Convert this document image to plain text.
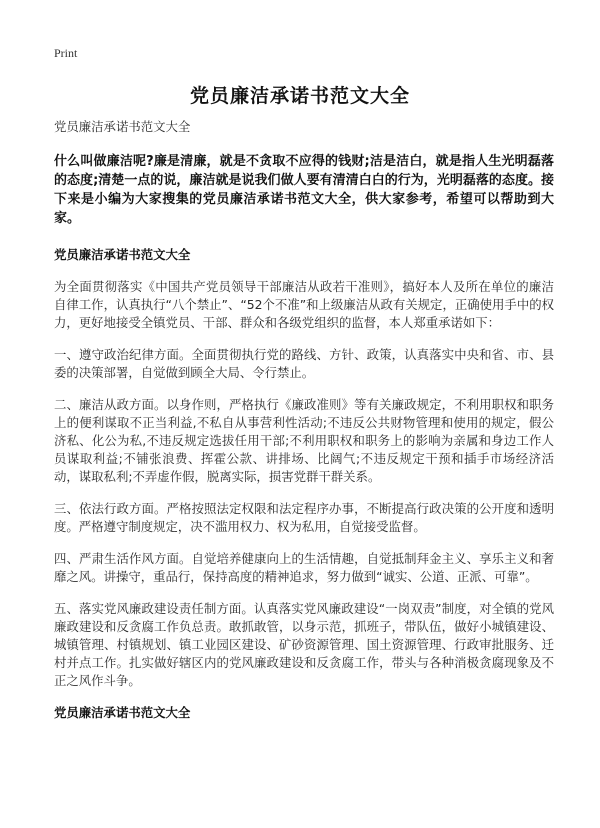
Print
党员廉洁承诺书范文大全

党员廉洁承诺书范文大全

什么叫做廉洁呢?廉是清廉，就是不贪取不应得的钱财;洁是洁白，就是指人生光明磊落的态度;清楚一点的说，廉洁就是说我们做人要有清清白白的行为，光明磊落的态度。接下来是小编为大家搜集的党员廉洁承诺书范文大全，供大家参考，希望可以帮助到大家。

党员廉洁承诺书范文大全

为全面贯彻落实《中国共产党员领导干部廉洁从政若干准则》，搞好本人及所在单位的廉洁自律工作，认真执行“八个禁止”、“52个不准”和上级廉洁从政有关规定，正确使用手中的权力，更好地接受全镇党员、干部、群众和各级党组织的监督，本人郑重承诺如下：

一、遵守政治纪律方面。全面贯彻执行党的路线、方针、政策，认真落实中央和省、市、县委的决策部署，自觉做到顾全大局、令行禁止。

二、廉洁从政方面。以身作则，严格执行《廉政准则》等有关廉政规定，不利用职权和职务上的便利谋取不正当利益,不私自从事营利性活动;不违反公共财物管理和使用的规定，假公济私、化公为私,不违反规定选拔任用干部;不利用职权和职务上的影响为亲属和身边工作人员谋取利益;不铺张浪费、挥霍公款、讲排场、比阔气;不违反规定干预和插手市场经济活动，谋取私利;不弄虚作假，脱离实际，损害党群干群关系。

三、依法行政方面。严格按照法定权限和法定程序办事，不断提高行政决策的公开度和透明度。严格遵守制度规定，决不滥用权力、权为私用，自觉接受监督。

四、严肃生活作风方面。自觉培养健康向上的生活情趣，自觉抵制拜金主义、享乐主义和奢靡之风。讲操守，重品行，保持高度的精神追求，努力做到“诚实、公道、正派、可靠”。

五、落实党风廉政建设责任制方面。认真落实党风廉政建设“一岗双责”制度，对全镇的党风廉政建设和反贪腐工作负总责。敢抓敢管，以身示范，抓班子，带队伍，做好小城镇建设、城镇管理、村镇规划、镇工业园区建设、矿砂资源管理、国土资源管理、行政审批服务、迁村并点工作。扎实做好辖区内的党风廉政建设和反贪腐工作，带头与各种消极贪腐现象及不正之风作斗争。

党员廉洁承诺书范文大全
